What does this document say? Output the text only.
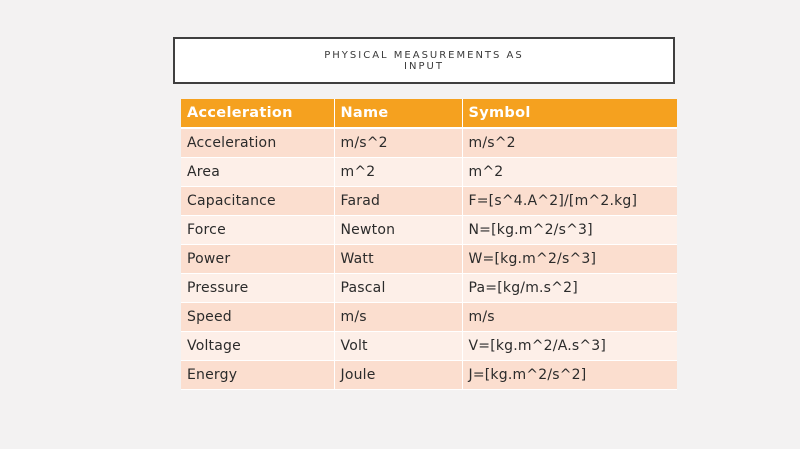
PHYSICAL MEASUREMENTS AS

INPUT

Acceleration	Name	Symbol
Acceleration	m/s^2	m/s^2
Area	m^2	m^2
Capacitance	Farad	F=[s^4.A^2]/[m^2.kg]
Force	Newton	N=[kg.m^2/s^3]
Power	Watt	W=[kg.m^2/s^3]
Pressure	Pascal	Pa=[kg/m.s^2]
Speed	m/s	m/s
Voltage	Volt	V=[kg.m^2/A.s^3]
Energy	Joule	J=[kg.m^2/s^2]
